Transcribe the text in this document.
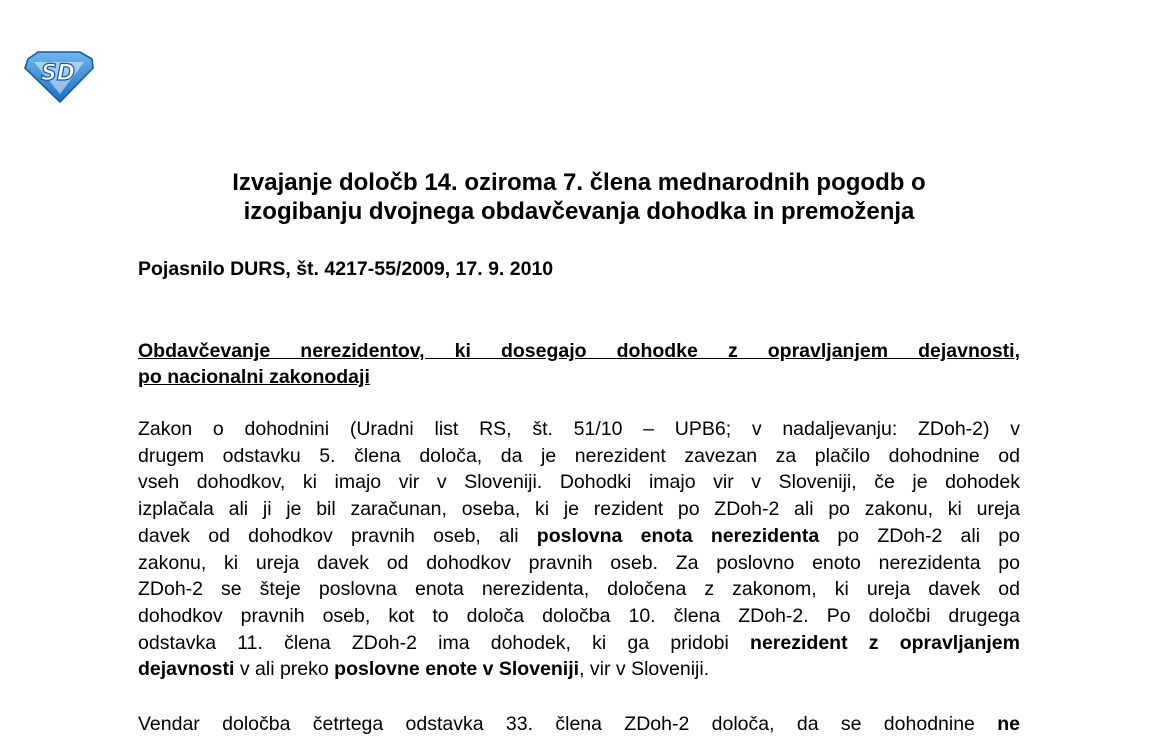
SD
Izvajanje določb 14. oziroma 7. člena mednarodnih pogodb o
izogibanju dvojnega obdavčevanja dohodka in premoženja

Pojasnilo DURS, št. 4217-55/2009, 17. 9. 2010

Obdavčevanje nerezidentov, ki dosegajo dohodke z opravljanjem dejavnosti,
po nacionalni zakonodaji
Zakon o dohodnini (Uradni list RS, št. 51/10 – UPB6; v nadaljevanju: ZDoh-2) v
drugem odstavku 5. člena določa, da je nerezident zavezan za plačilo dohodnine od
vseh dohodkov, ki imajo vir v Sloveniji. Dohodki imajo vir v Sloveniji, če je dohodek
izplačala ali ji je bil zaračunan, oseba, ki je rezident po ZDoh-2 ali po zakonu, ki ureja
davek od dohodkov pravnih oseb, ali poslovna enota nerezidenta po ZDoh-2 ali po
zakonu, ki ureja davek od dohodkov pravnih oseb. Za poslovno enoto nerezidenta po
ZDoh-2 se šteje poslovna enota nerezidenta, določena z zakonom, ki ureja davek od
dohodkov pravnih oseb, kot to določa določba 10. člena ZDoh-2. Po določbi drugega
odstavka 11. člena ZDoh-2 ima dohodek, ki ga pridobi nerezident z opravljanjem
dejavnosti v ali preko poslovne enote v Sloveniji, vir v Sloveniji.
Vendar določba četrtega odstavka 33. člena ZDoh-2 določa, da se dohodnine ne
